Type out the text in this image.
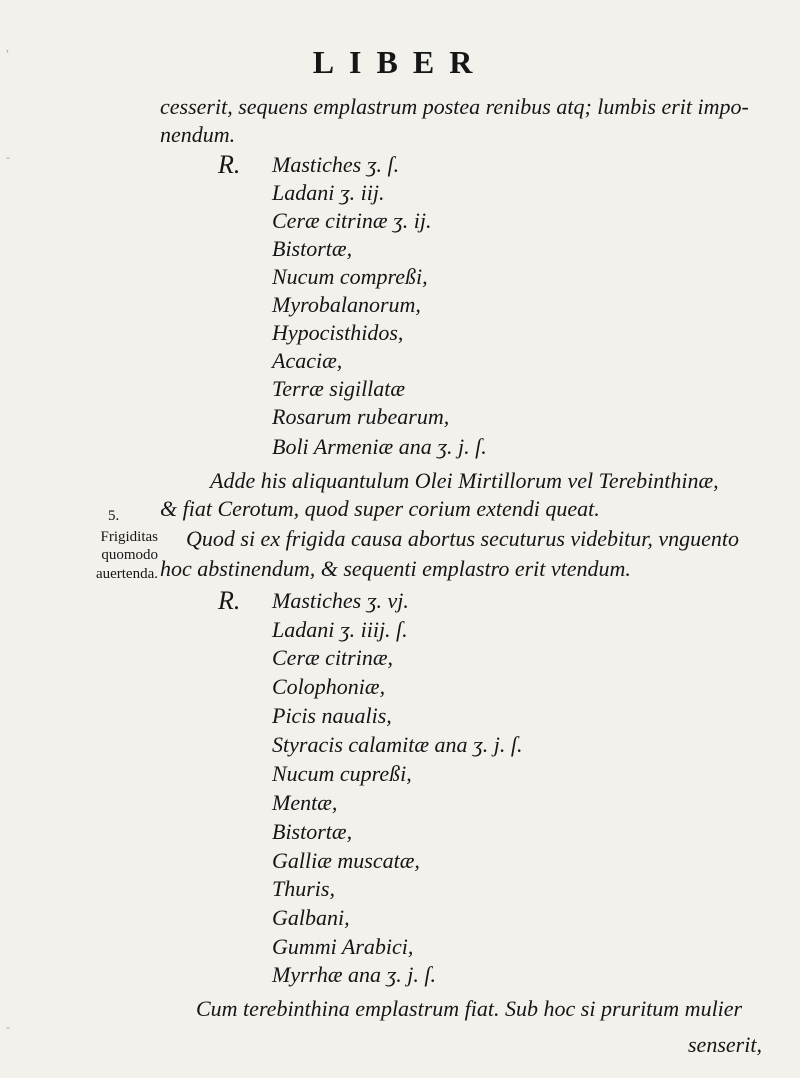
LIBER
cesserit, sequens emplastrum postea renibus atq; lumbis erit impo-
nendum.
R. Mastiches ʒ. ſ.
Ladani ʒ. iij.
Ceræ citrinæ ʒ. ij.
Bistortæ,
Nucum compreßi,
Myrobalanorum,
Hypocisthidos,
Acaciæ,
Terræ sigillatæ
Rosarum rubearum,
Boli Armeniæ ana ʒ. j. ſ.
Adde his aliquantulum Olei Mirtillorum vel Terebinthinæ,
& fiat Cerotum, quod super corium extendi queat.
Quod si ex frigida causa abortus secuturus videbitur, vnguento
hoc abstinendum, & sequenti emplastro erit vtendum.
5.
Frigiditas
quomodo
auertenda.
R. Mastiches ʒ. vj.
Ladani ʒ. iiij. ſ.
Ceræ citrinæ,
Colophoniæ,
Picis naualis,
Styracis calamitæ ana ʒ. j. ſ.
Nucum cupreßi,
Mentæ,
Bistortæ,
Galliæ muscatæ,
Thuris,
Galbani,
Gummi Arabici,
Myrrhæ ana ʒ. j. ſ.
Cum terebinthina emplastrum fiat. Sub hoc si pruritum mulier
senserit,
,
-
-
